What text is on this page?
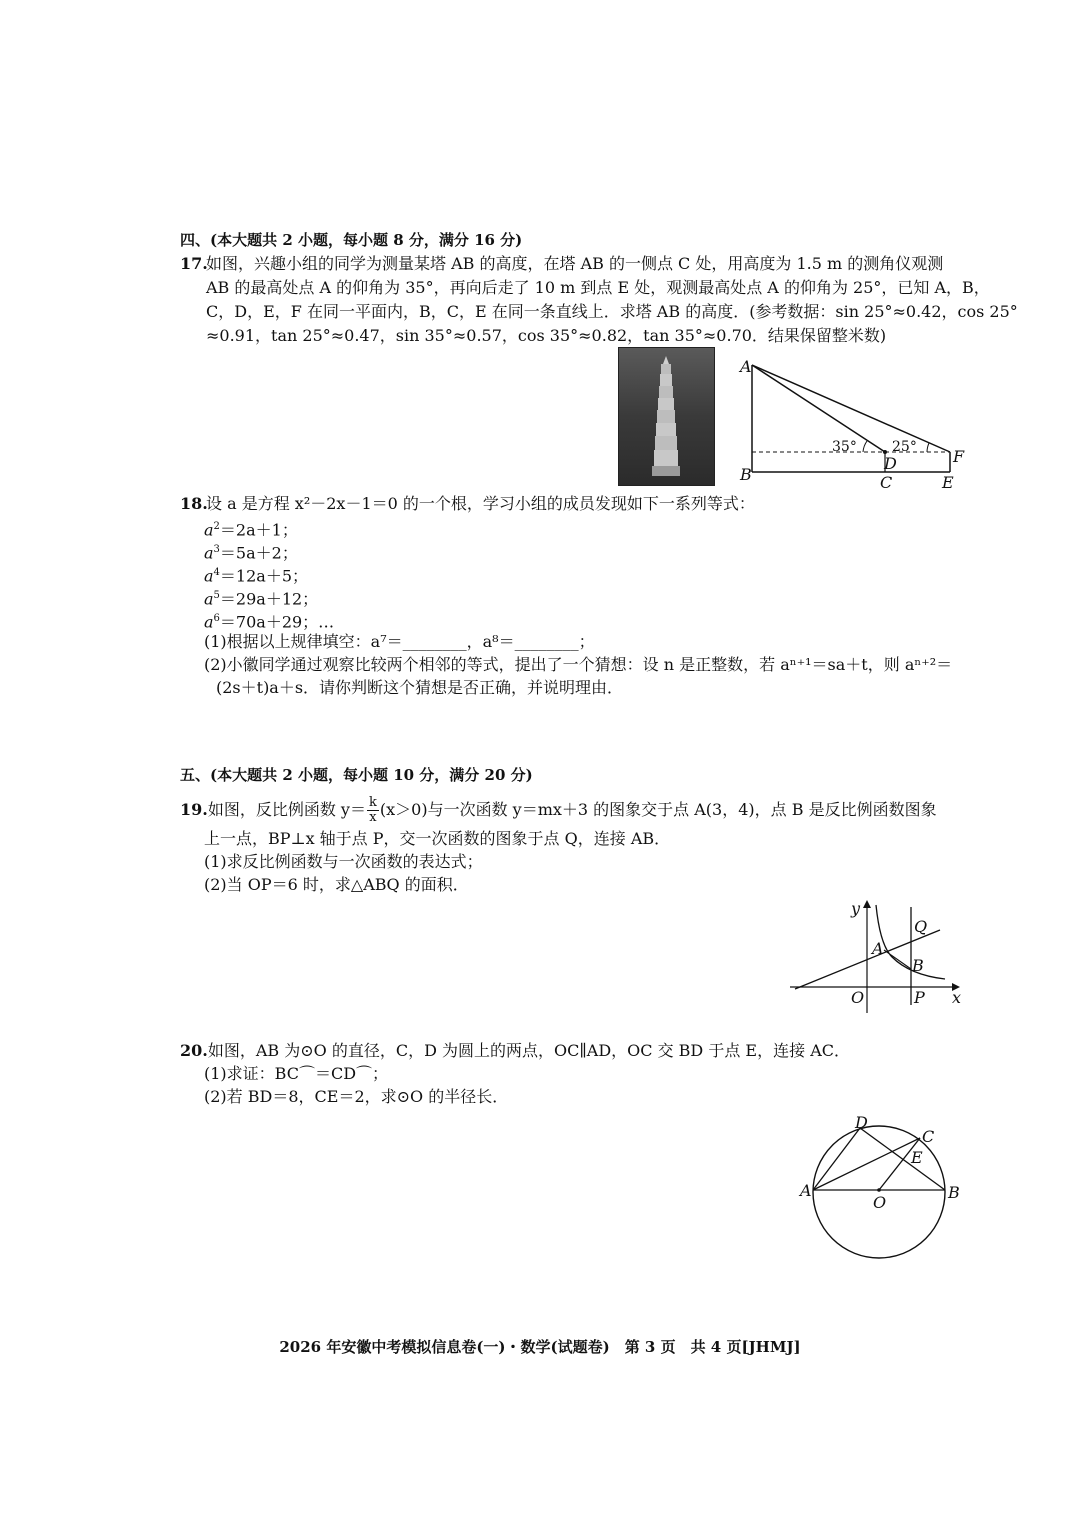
四、(本大题共 2 小题，每小题 8 分，满分 16 分)
17.
如图，兴趣小组的同学为测量某塔 AB 的高度，在塔 AB 的一侧点 C 处，用高度为 1.5 m 的测角仪观测
AB 的最高处点 A 的仰角为 35°，再向后走了 10 m 到点 E 处，观测最高处点 A 的仰角为 25°，已知 A，B，
C，D，E，F 在同一平面内，B，C，E 在同一条直线上．求塔 AB 的高度．(参考数据：sin 25°≈0.42，cos 25°
≈0.91，tan 25°≈0.47，sin 35°≈0.57，cos 35°≈0.82，tan 35°≈0.70．结果保留整米数)
A
B	C
D
E
F
35°	25°
18.
设 a 是方程 x²－2x－1＝0 的一个根，学习小组的成员发现如下一系列等式：
$a^2=2a+1$；
$a^3=5a+2$；
$a^4=12a+5$；
$a^5=29a+12$；
$a^6=70a+29$；…
(1)根据以上规律填空：a⁷＝________，a⁸＝________；
(2)小徽同学通过观察比较两个相邻的等式，提出了一个猜想：设 n 是正整数，若 aⁿ⁺¹＝sa＋t，则 aⁿ⁺²＝
(2s＋t)a＋s．请你判断这个猜想是否正确，并说明理由．
五、(本大题共 2 小题，每小题 10 分，满分 20 分)
19.如图，反比例函数 $y= \frac{k}{x} (x>0)$与一次函数 y＝mx＋3 的图象交于点 A(3，4)，点 B 是反比例函数图象
上一点，BP⊥x 轴于点 P，交一次函数的图象于点 Q，连接 AB．
(1)求反比例函数与一次函数的表达式；
(2)当 OP＝6 时，求△ABQ 的面积．
y
x
O
A
B
P
Q
20.如图，AB 为⊙O 的直径，C，D 为圆上的两点，OC∥AD，OC 交 BD 于点 E，连接 AC．
(1)求证：BC⌒＝CD⌒；
(2)若 BD＝8，CE＝2，求⊙O 的半径长．
A	B
C
D
E
O
2026 年安徽中考模拟信息卷(一)・数学(试题卷)　第 3 页　共 4 页[JHMJ]
